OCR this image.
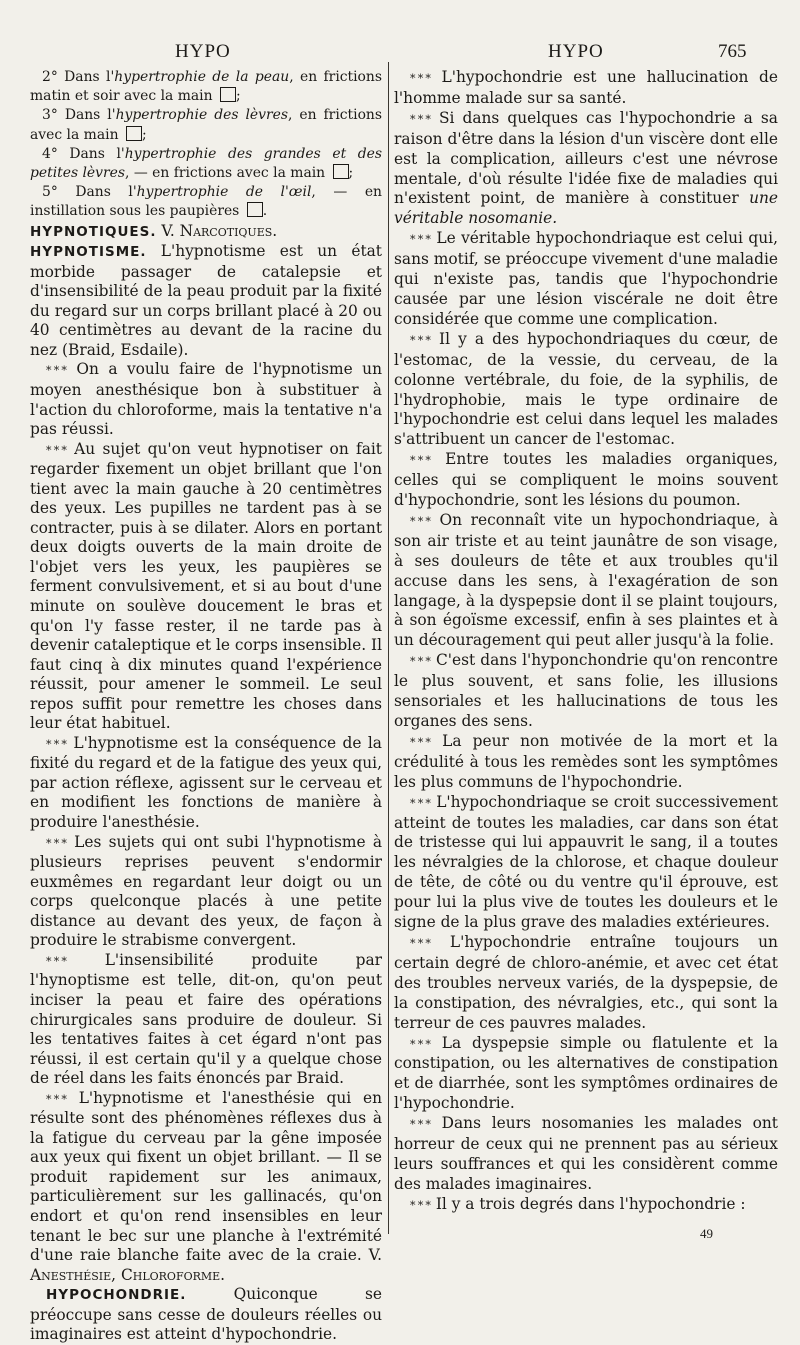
HYPO	HYPO	765

2° Dans l'hypertrophie de la peau, en frictions matin et soir avec la main ;

3° Dans l'hypertrophie des lèvres, en frictions avec la main ;

4° Dans l'hypertrophie des grandes et des petites lèvres, — en frictions avec la main ;

5° Dans l'hypertrophie de l'œil, — en instillation sous les paupières .

HYPNOTIQUES. V. Narcotiques.

HYPNOTISME. L'hypnotisme est un état morbide passager de catalepsie et d'insensibilité de la peau produit par la fixité du regard sur un corps brillant placé à 20 ou 40 centimètres au devant de la racine du nez (Braid, Esdaile).

* * * On a voulu faire de l'hypnotisme un moyen anesthésique bon à substituer à l'action du chloroforme, mais la tentative n'a pas réussi.

* * * Au sujet qu'on veut hypnotiser on fait regarder fixement un objet brillant que l'on tient avec la main gauche à 20 centimètres des yeux. Les pupilles ne tardent pas à se contracter, puis à se dilater. Alors en portant deux doigts ouverts de la main droite de l'objet vers les yeux, les paupières se ferment convulsivement, et si au bout d'une minute on soulève doucement le bras et qu'on l'y fasse rester, il ne tarde pas à devenir cataleptique et le corps insensible. Il faut cinq à dix minutes quand l'expérience réussit, pour amener le sommeil. Le seul repos suffit pour remettre les choses dans leur état habituel.

* * * L'hypnotisme est la conséquence de la fixité du regard et de la fatigue des yeux qui, par action réflexe, agissent sur le cerveau et en modifient les fonctions de manière à produire l'anesthésie.

* * * Les sujets qui ont subi l'hypnotisme à plusieurs reprises peuvent s'endormir euxmêmes en regardant leur doigt ou un corps quelconque placés à une petite distance au devant des yeux, de façon à produire le strabisme convergent.

* * * L'insensibilité produite par l'hynoptisme est telle, dit-on, qu'on peut inciser la peau et faire des opérations chirurgicales sans produire de douleur. Si les tentatives faites à cet égard n'ont pas réussi, il est certain qu'il y a quelque chose de réel dans les faits énoncés par Braid.

* * * L'hypnotisme et l'anesthésie qui en résulte sont des phénomènes réflexes dus à la fatigue du cerveau par la gêne imposée aux yeux qui fixent un objet brillant. — Il se produit rapidement sur les animaux, particulièrement sur les gallinacés, qu'on endort et qu'on rend insensibles en leur tenant le bec sur une planche à l'extrémité d'une raie blanche faite avec de la craie. V. Anesthésie, Chloroforme.

HYPOCHONDRIE. Quiconque se préoccupe sans cesse de douleurs réelles ou imaginaires est atteint d'hypochondrie.

* * * L'hypochondrie est une hallucination de l'homme malade sur sa santé.

* * * Si dans quelques cas l'hypochondrie a sa raison d'être dans la lésion d'un viscère dont elle est la complication, ailleurs c'est une névrose mentale, d'où résulte l'idée fixe de maladies qui n'existent point, de manière à constituer une véritable nosomanie.

* * * Le véritable hypochondriaque est celui qui, sans motif, se préoccupe vivement d'une maladie qui n'existe pas, tandis que l'hypochondrie causée par une lésion viscérale ne doit être considérée que comme une complication.

* * * Il y a des hypochondriaques du cœur, de l'estomac, de la vessie, du cerveau, de la colonne vertébrale, du foie, de la syphilis, de l'hydrophobie, mais le type ordinaire de l'hypochondrie est celui dans lequel les malades s'attribuent un cancer de l'estomac.

* * * Entre toutes les maladies organiques, celles qui se compliquent le moins souvent d'hypochondrie, sont les lésions du poumon.

* * * On reconnaît vite un hypochondriaque, à son air triste et au teint jaunâtre de son visage, à ses douleurs de tête et aux troubles qu'il accuse dans les sens, à l'exagération de son langage, à la dyspepsie dont il se plaint toujours, à son égoïsme excessif, enfin à ses plaintes et à un découragement qui peut aller jusqu'à la folie.

* * * C'est dans l'hyponchondrie qu'on rencontre le plus souvent, et sans folie, les illusions sensoriales et les hallucinations de tous les organes des sens.

* * * La peur non motivée de la mort et la crédulité à tous les remèdes sont les symptômes les plus communs de l'hypochondrie.

* * * L'hypochondriaque se croit successivement atteint de toutes les maladies, car dans son état de tristesse qui lui appauvrit le sang, il a toutes les névralgies de la chlorose, et chaque douleur de tête, de côté ou du ventre qu'il éprouve, est pour lui la plus vive de toutes les douleurs et le signe de la plus grave des maladies extérieures.

* * * L'hypochondrie entraîne toujours un certain degré de chloro-anémie, et avec cet état des troubles nerveux variés, de la dyspepsie, de la constipation, des névralgies, etc., qui sont la terreur de ces pauvres malades.

* * * La dyspepsie simple ou flatulente et la constipation, ou les alternatives de constipation et de diarrhée, sont les symptômes ordinaires de l'hypochondrie.

* * * Dans leurs nosomanies les malades ont horreur de ceux qui ne prennent pas au sérieux leurs souffrances et qui les considèrent comme des malades imaginaires.

* * * Il y a trois degrés dans l'hypochondrie :

49
